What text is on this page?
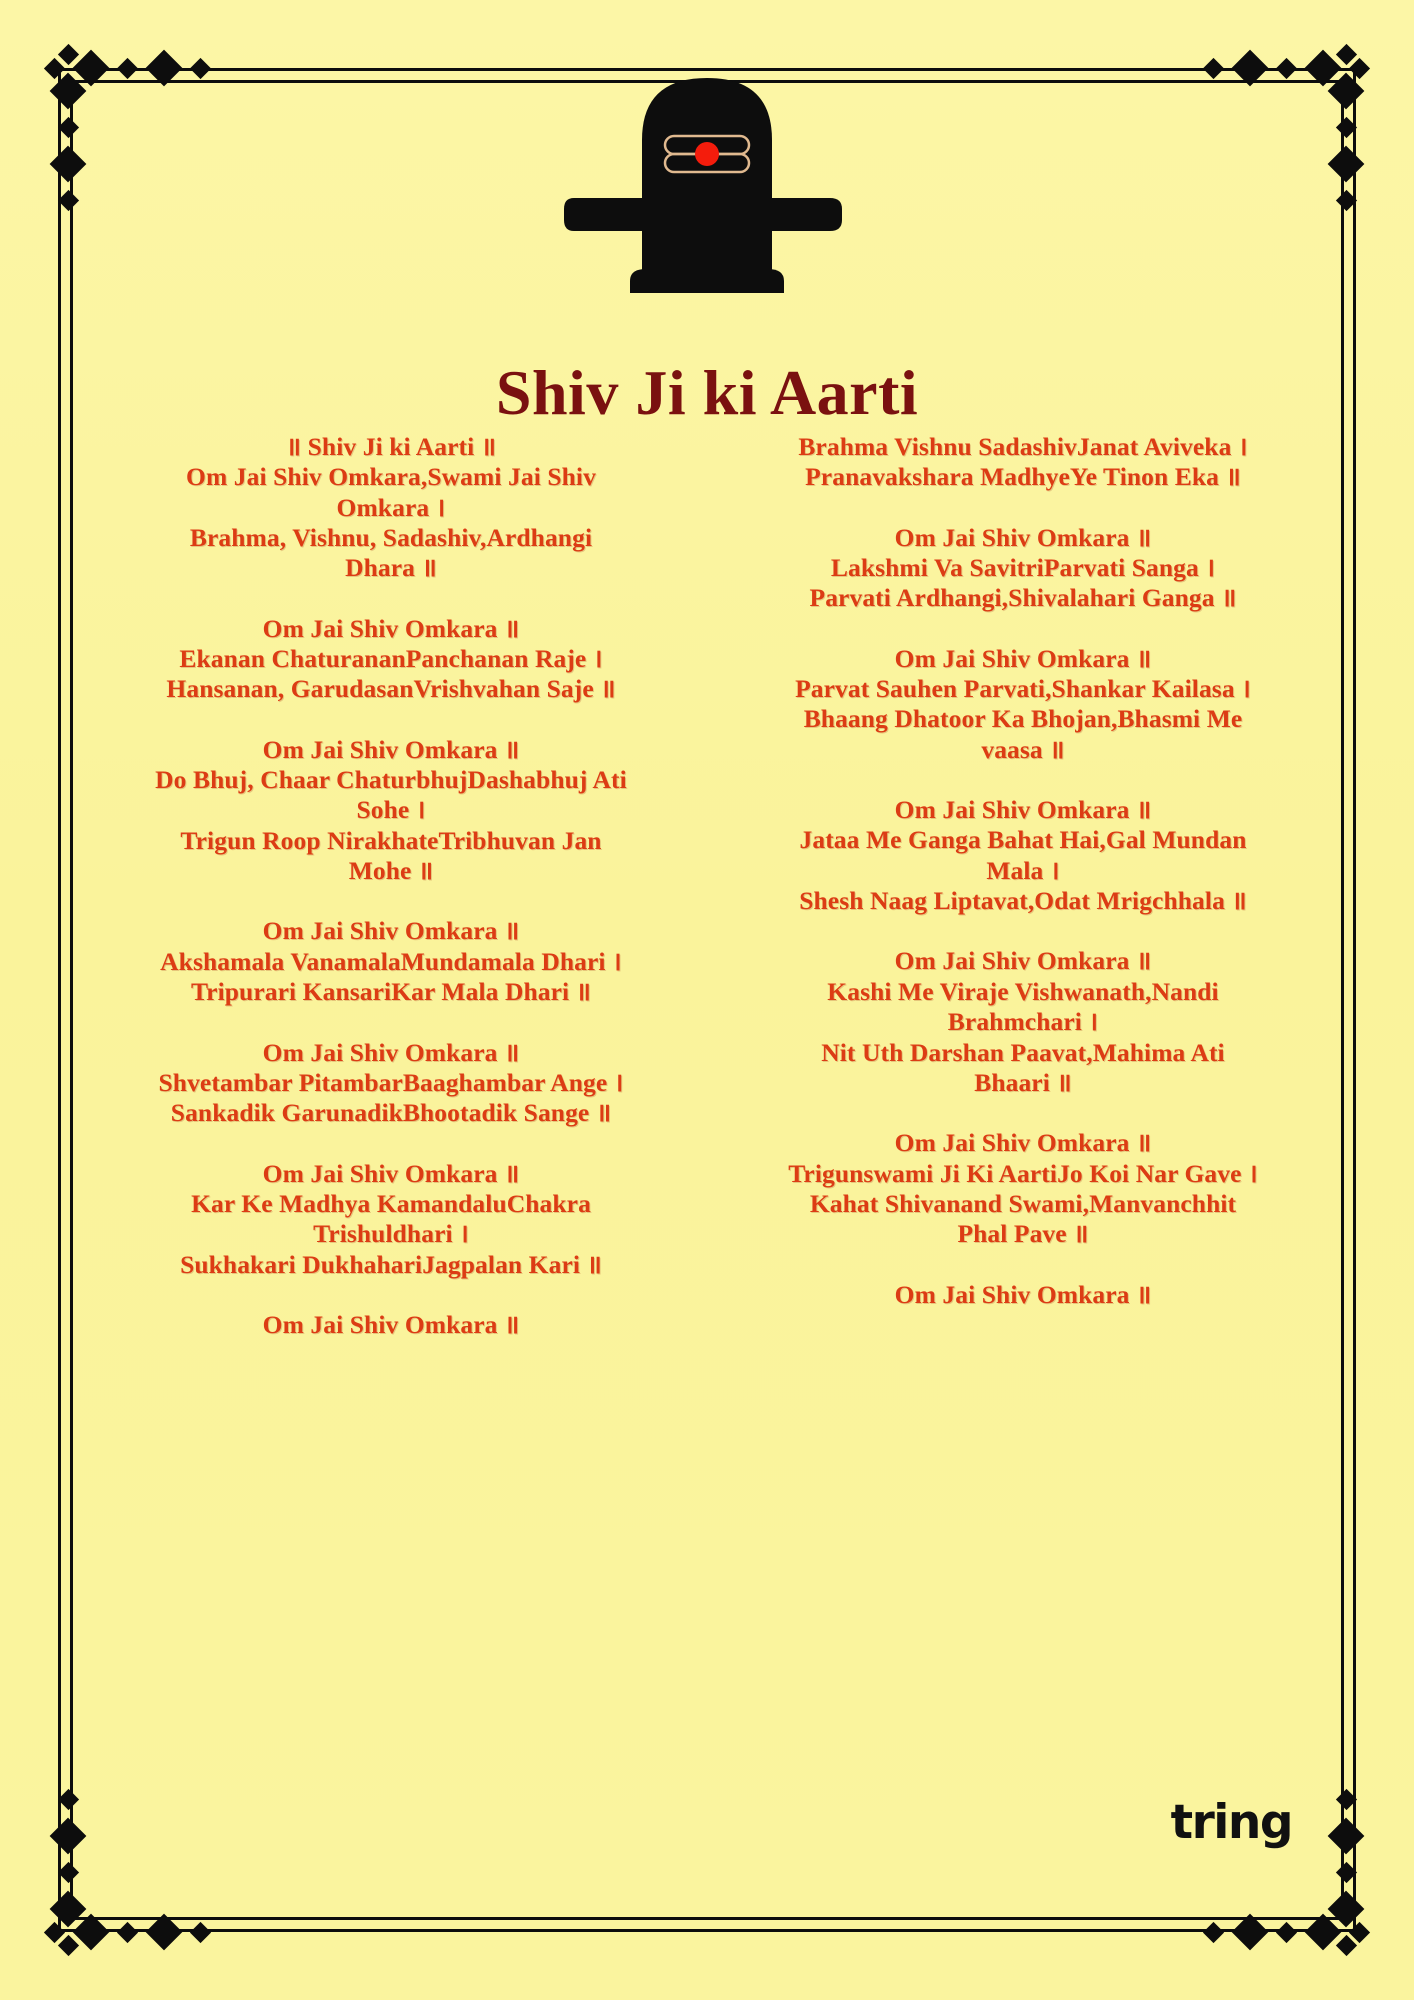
Shiv Ji ki Aarti

॥ Shiv Ji ki Aarti ॥
Om Jai Shiv Omkara,Swami Jai Shiv
Omkara ।
Brahma, Vishnu, Sadashiv,Ardhangi
Dhara ॥

Om Jai Shiv Omkara ॥
Ekanan ChaturananPanchanan Raje ।
Hansanan, GarudasanVrishvahan Saje ॥

Om Jai Shiv Omkara ॥
Do Bhuj, Chaar ChaturbhujDashabhuj Ati
Sohe ।
Trigun Roop NirakhateTribhuvan Jan
Mohe ॥

Om Jai Shiv Omkara ॥
Akshamala VanamalaMundamala Dhari ।
Tripurari KansariKar Mala Dhari ॥

Om Jai Shiv Omkara ॥
Shvetambar PitambarBaaghambar Ange ।
Sankadik GarunadikBhootadik Sange ॥

Om Jai Shiv Omkara ॥
Kar Ke Madhya KamandaluChakra
Trishuldhari ।
Sukhakari DukhahariJagpalan Kari ॥

Om Jai Shiv Omkara ॥

Brahma Vishnu SadashivJanat Aviveka ।
Pranavakshara MadhyeYe Tinon Eka ॥

Om Jai Shiv Omkara ॥
Lakshmi Va SavitriParvati Sanga ।
Parvati Ardhangi,Shivalahari Ganga ॥

Om Jai Shiv Omkara ॥
Parvat Sauhen Parvati,Shankar Kailasa ।
Bhaang Dhatoor Ka Bhojan,Bhasmi Me
vaasa ॥

Om Jai Shiv Omkara ॥
Jataa Me Ganga Bahat Hai,Gal Mundan
Mala ।
Shesh Naag Liptavat,Odat Mrigchhala ॥

Om Jai Shiv Omkara ॥
Kashi Me Viraje Vishwanath,Nandi
Brahmchari ।
Nit Uth Darshan Paavat,Mahima Ati
Bhaari ॥

Om Jai Shiv Omkara ॥
Trigunswami Ji Ki AartiJo Koi Nar Gave ।
Kahat Shivanand Swami,Manvanchhit
Phal Pave ॥

Om Jai Shiv Omkara ॥

tring
